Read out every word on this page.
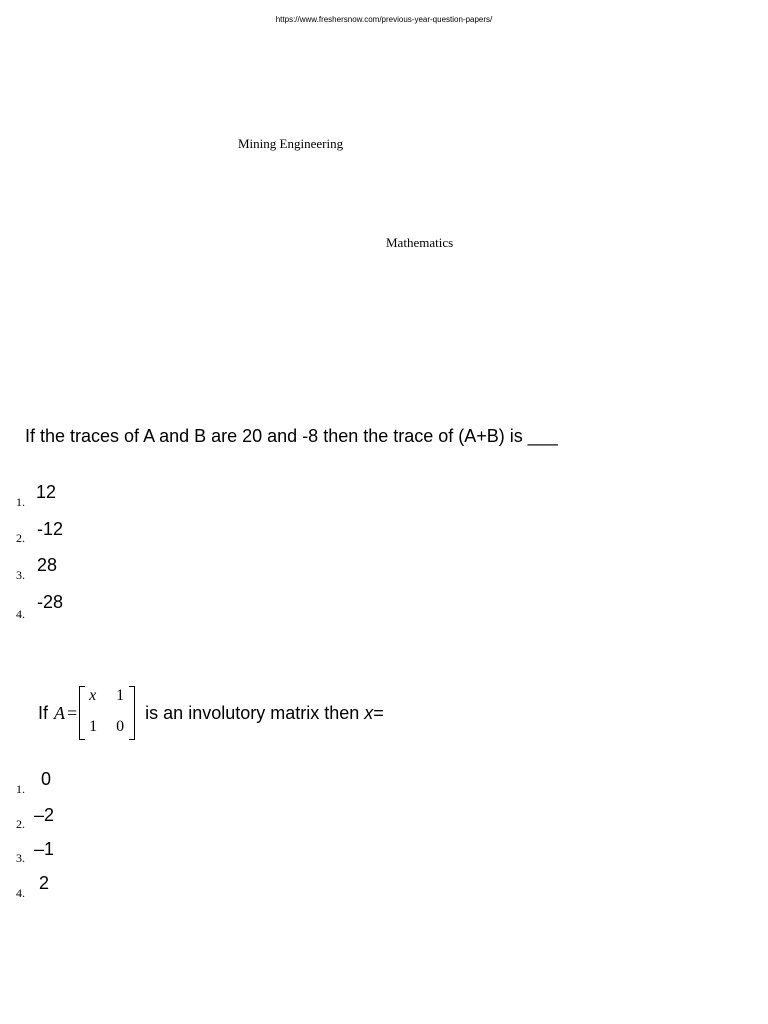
https://www.freshersnow.com/previous-year-question-papers/
Mining Engineering
Mathematics
If the traces of A and B are 20 and -8 then the trace of (A+B) is ___
1. 12
2. -12
3. 28
4.
-28
If A =
x 1
1 0
is an involutory matrix then x=
1. 0
2. –2
3. –1
4. 2
